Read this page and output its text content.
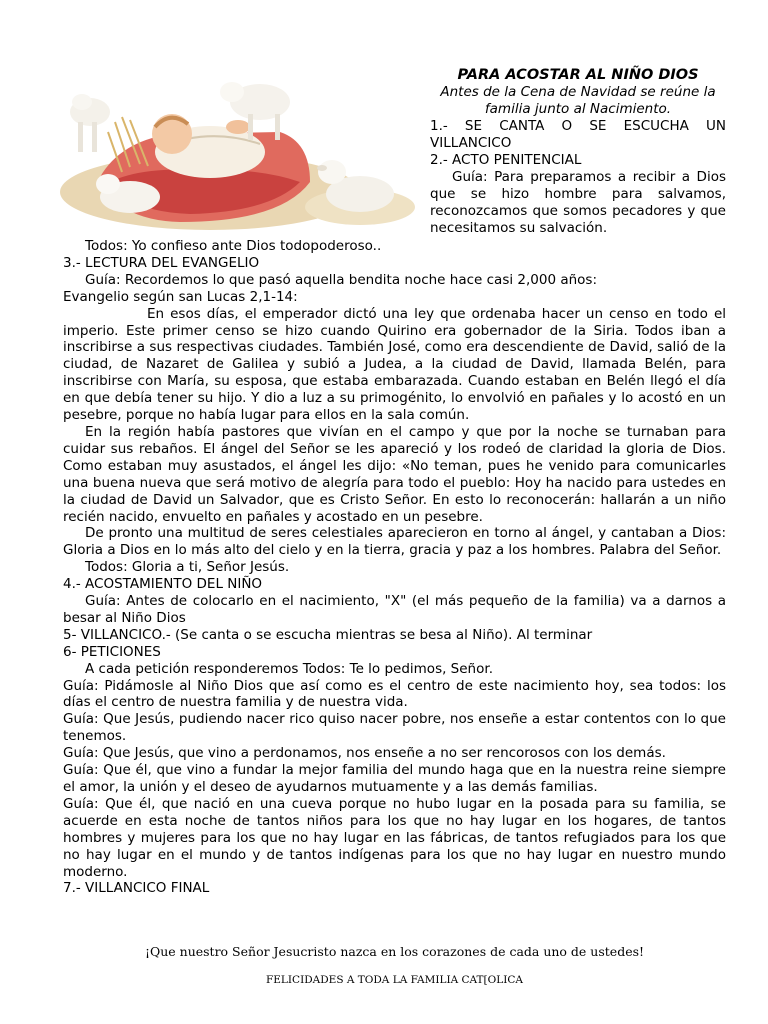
PARA ACOSTAR AL NIÑO DIOS

Antes de la Cena de Navidad se reúne la familia junto al Nacimiento.

1.- SE CANTA O SE ESCUCHA UN VILLANCICO

2.- ACTO PENITENCIAL

Guía: Para preparamos a recibir a Dios que se hizo hombre para salvamos, reconozcamos que somos pecadores y que necesitamos su salvación.

Todos: Yo confieso ante Dios todopoderoso..

3.- LECTURA DEL EVANGELIO

Guía: Recordemos lo que pasó aquella bendita noche hace casi 2,000 años:

Evangelio según san Lucas 2,1-14:

En esos días, el emperador dictó una ley que ordenaba hacer un censo en todo el imperio. Este primer censo se hizo cuando Quirino era gobernador de la Siria. Todos iban a inscribirse a sus respectivas ciudades. También José, como era descendiente de David, salió de la ciudad, de Nazaret de Galilea y subió a Judea, a la ciudad de David, llamada Belén, para inscribirse con María, su esposa, que estaba embarazada. Cuando estaban en Belén llegó el día en que debía tener su hijo. Y dio a luz a su primogénito, lo envolvió en pañales y lo acostó en un pesebre, porque no había lugar para ellos en la sala común.

En la región había pastores que vivían en el campo y que por la noche se turnaban para cuidar sus rebaños. El ángel del Señor se les apareció y los rodeó de claridad la gloria de Dios. Como estaban muy asustados, el ángel les dijo: «No teman, pues he venido para comunicarles una buena nueva que será motivo de alegría para todo el pueblo: Hoy ha nacido para ustedes en la ciudad de David un Salvador, que es Cristo Señor. En esto lo reconocerán: hallarán a un niño recién nacido, envuelto en pañales y acostado en un pesebre.

De pronto una multitud de seres celestiales aparecieron en torno al ángel, y cantaban a Dios: Gloria a Dios en lo más alto del cielo y en la tierra, gracia y paz a los hombres. Palabra del Señor.

Todos: Gloria a ti, Señor Jesús.

4.- ACOSTAMIENTO DEL NIÑO

Guía: Antes de colocarlo en el nacimiento, "X" (el más pequeño de la familia) va a darnos a besar al Niño Dios

5- VILLANCICO.- (Se canta o se escucha mientras se besa al Niño). Al terminar

6- PETICIONES

A cada petición responderemos Todos: Te lo pedimos, Señor.

Guía: Pidámosle al Niño Dios que así como es el centro de este nacimiento hoy, sea todos: los días el centro de nuestra familia y de nuestra vida.

Guía: Que Jesús, pudiendo nacer rico quiso nacer pobre, nos enseñe a estar contentos con lo que tenemos.

Guía: Que Jesús, que vino a perdonamos, nos enseñe a no ser rencorosos con los demás.

Guía: Que él, que vino a fundar la mejor familia del mundo haga que en la nuestra reine siempre el amor, la unión y el deseo de ayudarnos mutuamente y a las demás familias.

Guía: Que él, que nació en una cueva porque no hubo lugar en la posada para su familia, se acuerde en esta noche de tantos niños para los que no hay lugar en los hogares, de tantos hombres y mujeres para los que no hay lugar en las fábricas, de tantos refugiados para los que no hay lugar en el mundo y de tantos indígenas para los que no hay lugar en nuestro mundo moderno.

7.- VILLANCICO FINAL

¡Que nuestro Señor Jesucristo nazca en los corazones de cada uno de ustedes!

FELICIDADES A TODA LA FAMILIA CAT[OLICA
